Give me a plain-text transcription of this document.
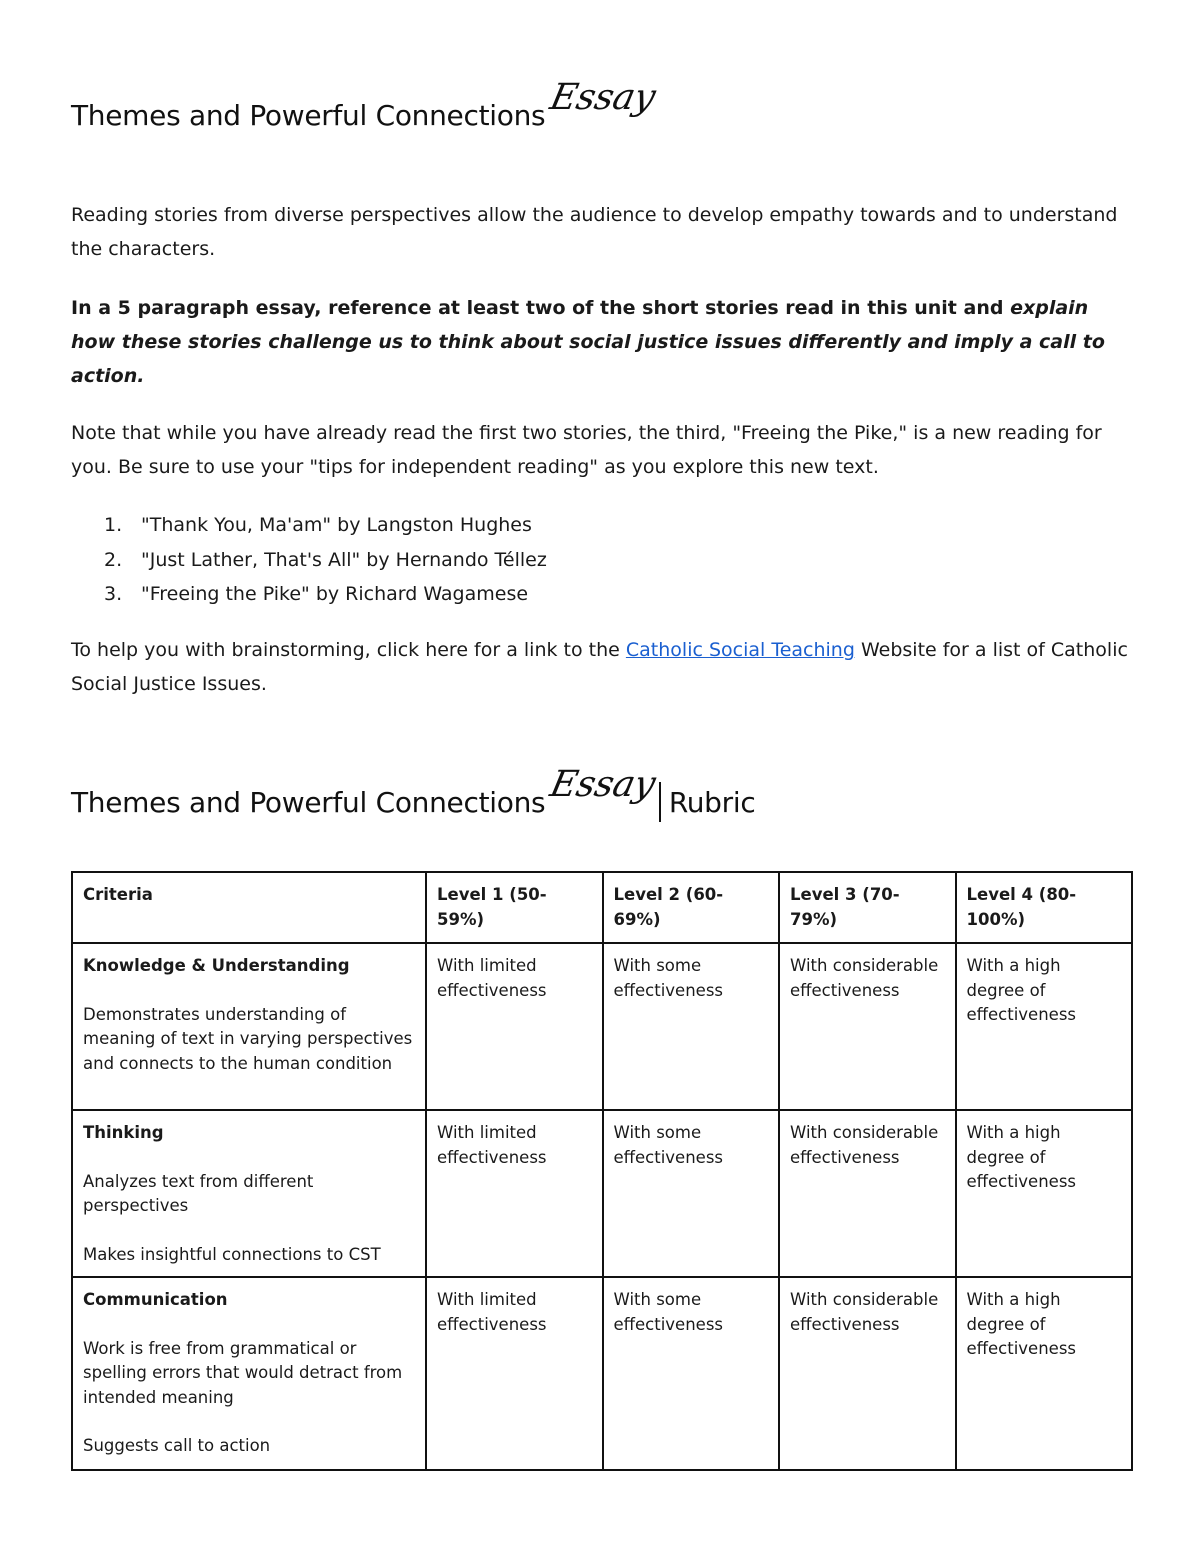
Themes and Powerful ConnectionsEssay
Reading stories from diverse perspectives allow the audience to develop empathy towards and to understand the characters.
In a 5 paragraph essay, reference at least two of the short stories read in this unit and explain how these stories challenge us to think about social justice issues differently and imply a call to action.
Note that while you have already read the first two stories, the third, "Freeing the Pike," is a new reading for you. Be sure to use your "tips for independent reading" as you explore this new text.
1. "Thank You, Ma'am" by Langston Hughes
2. "Just Lather, That's All" by Hernando Téllez
3. "Freeing the Pike" by Richard Wagamese
To help you with brainstorming, click here for a link to the Catholic Social Teaching Website for a list of Catholic Social Justice Issues.
Themes and Powerful ConnectionsEssay Rubric
Criteria	Level 1 (50-59%)	Level 2 (60-69%)	Level 3 (70-79%)	Level 4 (80-100%)

Knowledge & Understanding

Demonstrates understanding of meaning of text in varying perspectives and connects to the human condition	With limited effectiveness	With some effectiveness	With considerable effectiveness	With a high degree of effectiveness

Thinking

Analyzes text from different perspectives

Makes insightful connections to CST	With limited effectiveness	With some effectiveness	With considerable effectiveness	With a high degree of effectiveness

Communication

Work is free from grammatical or spelling errors that would detract from intended meaning

Suggests call to action	With limited effectiveness	With some effectiveness	With considerable effectiveness	With a high degree of effectiveness
